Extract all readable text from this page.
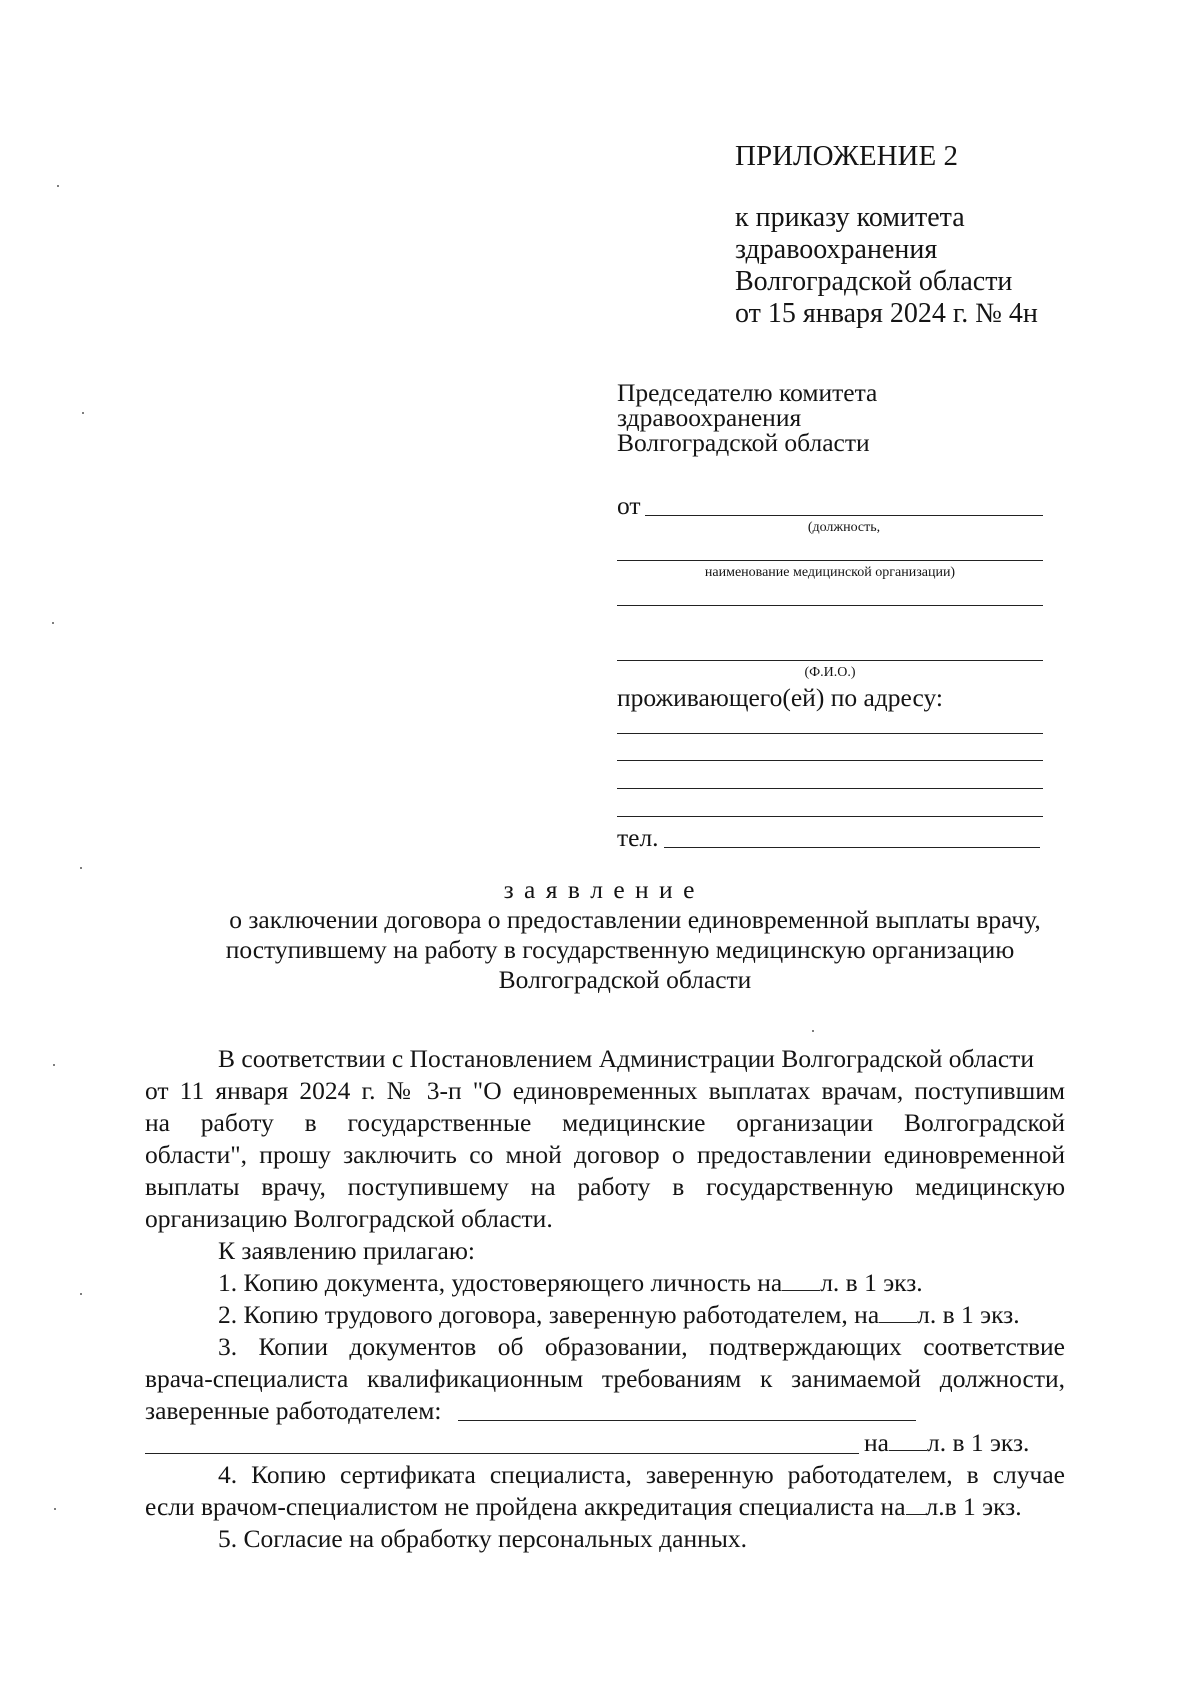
ПРИЛОЖЕНИЕ 2
к приказу комитета
здравоохранения
Волгоградской области
от 15 января 2024 г. № 4н
Председателю комитета
здравоохранения
Волгоградской области
от
(должность,
наименование медицинской организации)
(Ф.И.О.)
проживающего(ей) по адресу:
тел.
з а я в л е н и е
о заключении договора о предоставлении единовременной выплаты врачу,
поступившему на работу в государственную медицинскую организацию
Волгоградской области
В соответствии с Постановлением Администрации Волгоградской области
от 11 января 2024 г. № 3-п "О единовременных выплатах врачам, поступившим
на работу в государственные медицинские организации Волгоградской
области", прошу заключить со мной договор о предоставлении единовременной
выплаты врачу, поступившему на работу в государственную медицинскую
организацию Волгоградской области.
К заявлению прилагаю:
1. Копию документа, удостоверяющего личность на л. в 1 экз.
2. Копию трудового договора, заверенную работодателем, на л. в 1 экз.
3. Копии документов об образовании, подтверждающих соответствие
врача-специалиста квалификационным требованиям к занимаемой должности,
заверенные работодателем:
на л. в 1 экз.
4. Копию сертификата специалиста, заверенную работодателем, в случае
если врачом-специалистом не пройдена аккредитация специалиста на л.в 1 экз.
5. Согласие на обработку персональных данных.
